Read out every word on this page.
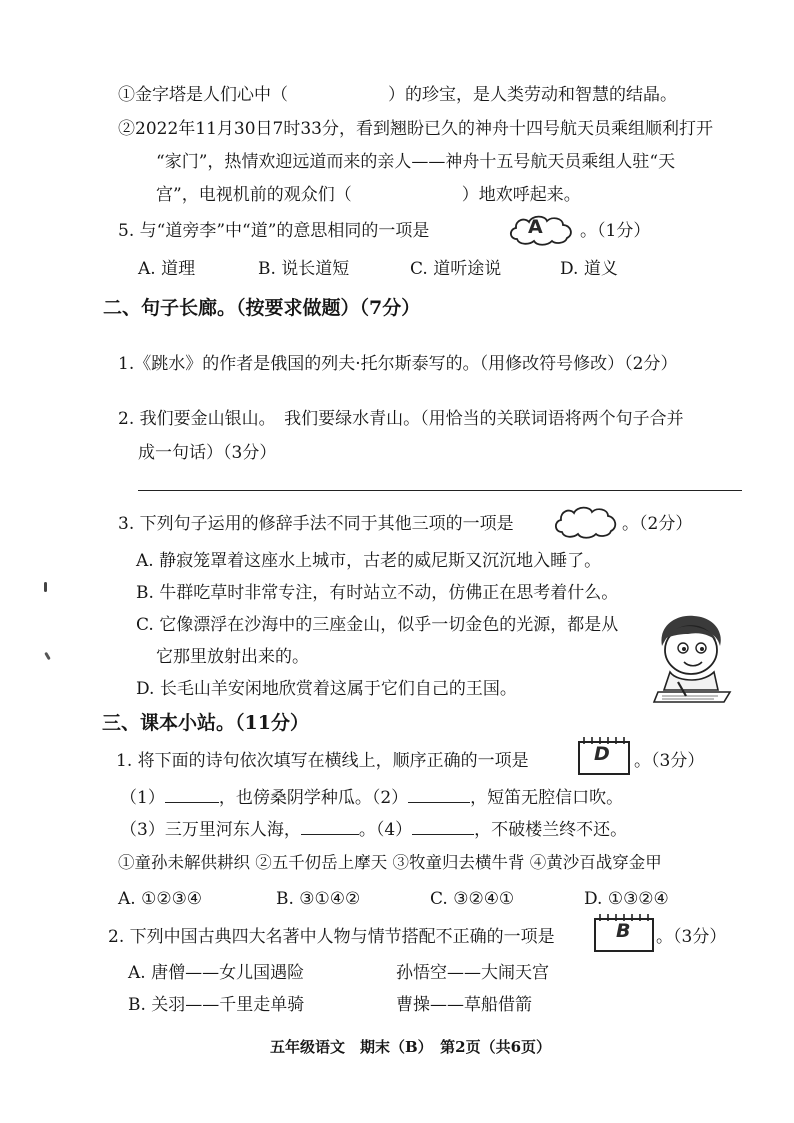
①金字塔是人们心中（	）的珍宝，是人类劳动和智慧的结晶。
②2022年11月30日7时33分，看到翘盼已久的神舟十四号航天员乘组顺利打开
“家门”，热情欢迎远道而来的亲人——神舟十五号航天员乘组人驻“天
宫”，电视机前的观众们（	）地欢呼起来。
5. 与“道旁李”中“道”的意思相同的一项是	A 。（1分）
A. 道理	B. 说长道短	C. 道听途说	D. 道义
二、句子长廊。（按要求做题）（7分）
1.《跳水》的作者是俄国的列夫·托尔斯泰写的。（用修改符号修改）（2分）
2. 我们要金山银山。　我们要绿水青山。（用恰当的关联词语将两个句子合并
成一句话）（3分）
3. 下列句子运用的修辞手法不同于其他三项的一项是	。（2分）
A. 静寂笼罩着这座水上城市，古老的威尼斯又沉沉地入睡了。
B. 牛群吃草时非常专注，有时站立不动，仿佛正在思考着什么。
C. 它像漂浮在沙海中的三座金山，似乎一切金色的光源，都是从
它那里放射出来的。
D. 长毛山羊安闲地欣赏着这属于它们自己的王国。
三、课本小站。（11分）
1. 将下面的诗句依次填写在横线上，顺序正确的一项是	D 。（3分）
（1）	，也傍桑阴学种瓜。（2）	，短笛无腔信口吹。
（3）三万里河东人海，	。（4）	，不破楼兰终不还。
①童孙未解供耕织 ②五千仞岳上摩天 ③牧童归去横牛背 ④黄沙百战穿金甲
A. ①②③④	B. ③①④②	C. ③②④①	D. ①③②④
2. 下列中国古典四大名著中人物与情节搭配不正确的一项是	B 。（3分）
A. 唐僧——女儿国遇险	孙悟空——大闹天宫
B. 关羽——千里走单骑	曹操——草船借箭
五年级语文　期末（B）　第2页（共6页）
